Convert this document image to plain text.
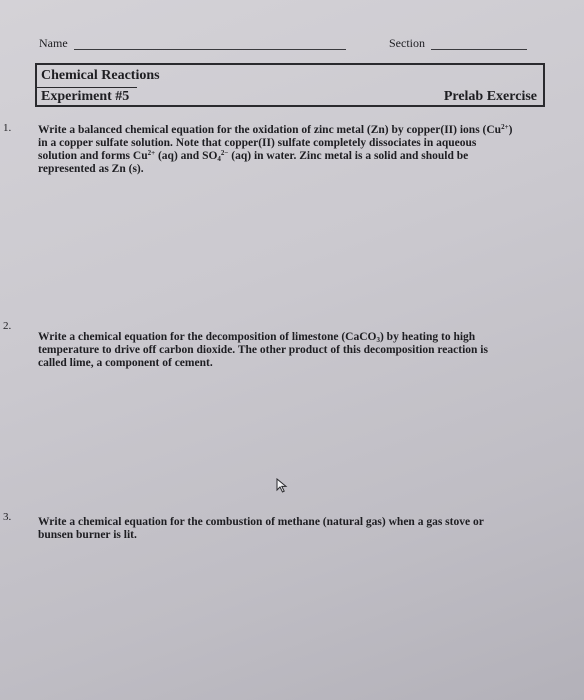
Name	Section
Chemical Reactions
Experiment #5	Prelab Exercise
1. Write a balanced chemical equation for the oxidation of zinc metal (Zn) by copper(II) ions $(Cu^{2+})$
in a copper sulfate solution. Note that copper(II) sulfate completely dissociates in aqueous
solution and forms $Cu^{2+}$ (aq) and $SO_4^{2-}$ (aq) in water. Zinc metal is a solid and should be
represented as Zn (s).
2.
Write a chemical equation for the decomposition of limestone (CaCO$_3$) by heating to high
temperature to drive off carbon dioxide. The other product of this decomposition reaction is
called lime, a component of cement.
3. Write a chemical equation for the combustion of methane (natural gas) when a gas stove or
bunsen burner is lit.
